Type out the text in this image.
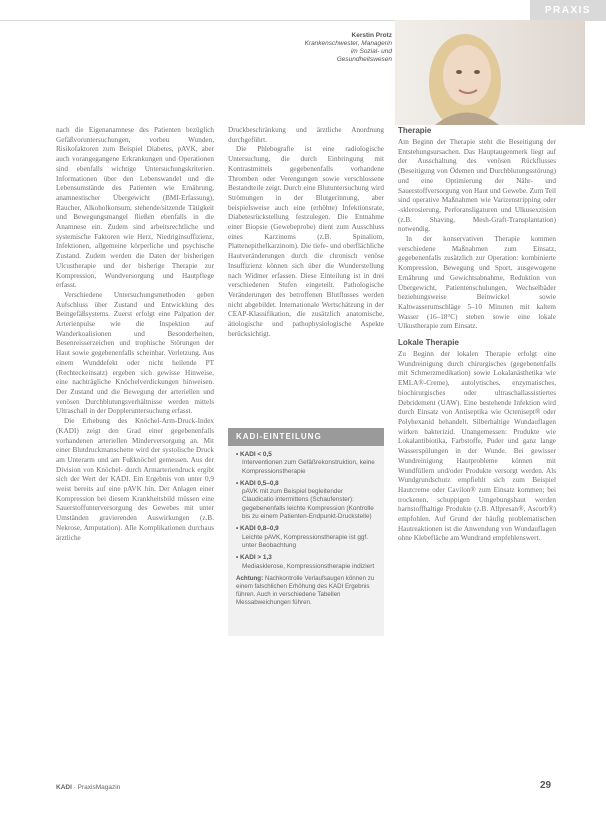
PRAXIS
Kerstin Protz
Krankenschwester, Managerin im Sozial- und Gesundheitswesen

nach die Eigenanamnese des Patienten bezüglich Gefäßvoruntersuchungen, vorbeu Wunden, Risikofaktoren zum Beispiel Diabetes, pAVK, aber auch vorangegangene Erkrankungen und Operationen sind ebenfalls wichtige Untersuchungskriterien. Informationen über den Lebenswandel und die Lebensumstände des Patienten wie Ernährung, anamnestischer Übergewicht (BMI-Erfassung), Raucher, Alkoholkonsum, stehende/sitzende Tätigkeit und Bewegungsmangel fließen ebenfalls in die Anamnese ein. Zudem sind arbeitsrechtliche und systemische Faktoren wie Herz, Niedriginsuffizienz, Infektionen, allgemeine körperliche und psychische Zustand. Zudem werden die Daten der bisherigen Ulcustherapie und der bisherige Therapie zur Kompression, Wundversorgung und Hautpflege erfasst.

Verschiedene Untersuchungsmethoden geben Aufschluss über Zustand und Entwicklung des Beingefäßsystems. Zuerst erfolgt eine Palpation der Arterienpulse wie die Inspektion auf Wanderkoalisionen und Besonderheiten, Besenreisserzeichen und trophische Störungen der Haut sowie gegebenenfalls scheinbar. Verletzung. Aus einem Wunddefekt oder nicht heilende PT (Rechteckeinsatz) ergeben sich gewisse Hinweise, eine nachträgliche Knöchelverdickungen hinweisen. Der Zustand und die Bewegung der arteriellen und venösen Durchblutungsverhältnisse werden mittels Ultraschall in der Doppleruntersuchung erfasst.

Die Erhebung des Knöchel-Arm-Druck-Index (KADI) zeigt den Grad einer gegebenenfalls vorhandenen arteriellen Minderversorgung an. Mit einer Blutdruckmanschette wird der systolische Druck am Unterarm und am Fußknöchel gemessen. Aus der Division von Knöchel- durch Armarteriendruck ergibt sich der Wert der KADI. Ein Ergebnis von unter 0,9 weist bereits auf eine pAVK hin. Der Anlagen einer Kompression bei diesem Krankheitsbild müssen eine Sauerstoffunterversorgung des Gewebes mit unter Umständen gravierenden Auswirkungen (z.B. Nekrose, Amputation). Alle Komplikationen durchaus ärztliche

Druckbeschränkung und ärztliche Anordnung durchgeführt.

Die Phlebografie ist eine radiologische Untersuchung, die durch Einbringung mit Kontrastmittels gegebenenfalls vorhandene Thromben oder Verengungen sowie verschlossene Bestandteile zeigt. Durch eine Blutuntersuchung wird Strömungen in der Blutgerinnung, aber beispielsweise auch eine (erhöhte) Infektionsrate, Diabetesrückstellung festzulegen. Die Entnahme einer Biopsie (Gewebeprobe) dient zum Ausschluss eines Karzinoms (z.B. Spinaliom, Plattenepithelkarzinom). Die tiefe- und oberflächliche Hautveränderungen durch die chronisch venöse Insuffizienz können sich über die Wunderstellung nach Widmer erfassen. Diese Einteilung ist in drei verschiedenen Stufen eingeteilt. Pathologische Veränderungen des betroffenen Blutflusses werden nicht abgebildet. Internationale Wertschätzung in der CEAP-Klassifikation, die zusätzlich anatomische, ätiologische und pathophysiologische Aspekte berücksichtigt.

KADI-EINTEILUNG
• KADI < 0,5
Interventionen zum Gefäßrekonstruktion, keine Kompressionstherapie
• KADI 0,5–0,8
pAVK mit zum Beispiel begleitender Claudicatio intermittens (Schaufenster): gegebenenfalls leichte Kompression (Kontrolle bis zu einem Patienten-Endpunkt-Druckstelle)
• KADI 0,8–0,9
Leichte pAVK, Kompressionstherapie ist ggf. unter Beobachtung
• KADI > 1,3
Mediasklerose, Kompressionstherapie indiziert
Achtung: Nachkontrolle Verlaufsaugen können zu einem falschlichen Erhöhung des KADI Ergebnis führen. Auch in verschiedene Tabellen Messabweichungen führen.
Therapie

Am Beginn der Therapie steht die Beseitigung der Entstehungsursachen. Das Hauptaugenmerk liegt auf der Ausschaltung des venösen Rückflusses (Beseitigung von Ödemen und Durchblutungsstörung) und eine Optimierung der Nähr- und Sauerstoffversorgung von Haut und Gewebe. Zum Teil sind operative Maßnahmen wie Varizenstripping oder -sklerosierung, Perforansligaturen und Ulkusexzision (z.B. Shaving, Mesh-Graft-Transplantation) notwendig.

In der konservativen Therapie kommen verschiedene Maßnahmen zum Einsatz, gegebenenfalls zusätzlich zur Operation: kombinierte Kompression, Bewegung und Sport, ausgewogene Ernährung und Gewichtsabnahme, Reduktion von Übergewicht, Patientenschulungen, Wechselbäder beziehungsweise Beinwickel sowie Kaltwasserumschläge 5–10 Minuten mit kaltem Wasser (16–18°C) stehen sowie eine lokale Ulkustherapie zum Einsatz.

Lokale Therapie

Zu Beginn der lokalen Therapie erfolgt eine Wundreinigung durch chirurgisches (gegebenenfalls mit Schmerzmedikation) sowie Lokalanästhetika wie EMLA®-Creme), autolytisches, enzymatisches, biochirurgisches oder ultraschallassistiertes Debridement (UAW). Eine bestehende Infektion wird durch Einsatz von Antiseptika wie Octenisept® oder Polyhexanid behandelt. Silberhaltige Wundauflagen wirken bakterizid. Unangemessen: Produkte wie Lokalantibiotika, Farbstoffe, Puder und ganz lange Wasserspülungen in der Wunde. Bei gewisser Wundreinigung Hautprobleme können mit Wundfüllern und/oder Produkte versorgt werden. Als Wundgrundschutz empfiehlt sich zum Beispiel Hautcreme oder Cavilon® zum Einsatz kommen; bei trockenen, schuppigen Umgebungshaut werden harnstoffhaltige Produkte (z.B. Allpresan®, Ascorb®) empfohlen. Auf Grund der häufig problematischen Hautreaktionen ist die Anwendung von Wundauflagen ohne Klebefläche am Wundrand empfehlenswert.

KADI · PraxisMagazin	29
